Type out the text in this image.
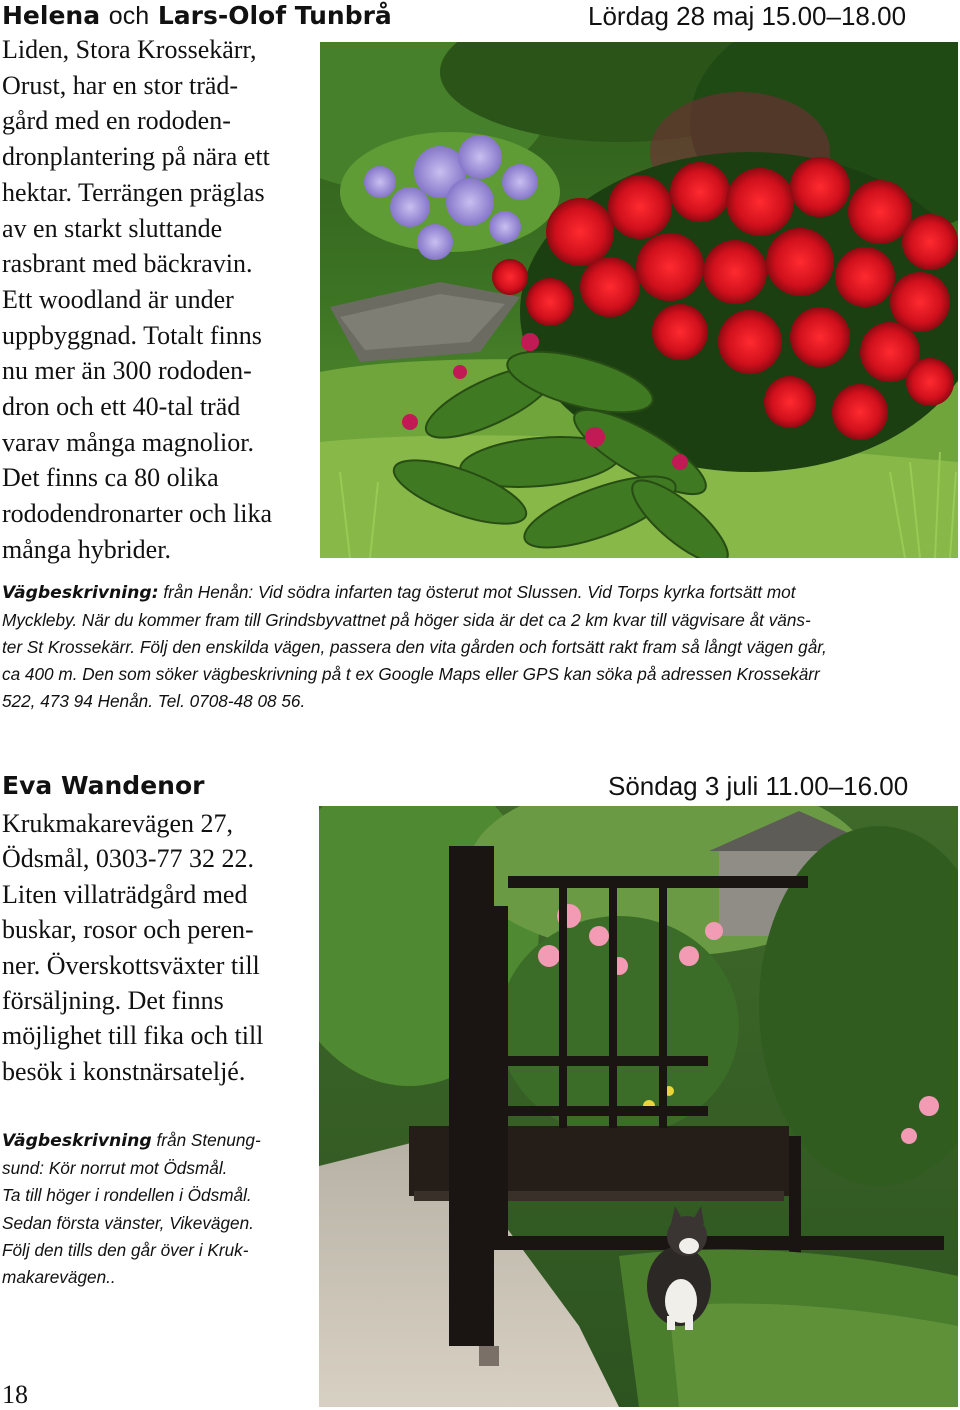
Helena och Lars-Olof Tunbrå	Lördag 28 maj 15.00–18.00
Liden, Stora Krossekärr,
Orust, har en stor träd-
gård med en rododen-
dronplantering på nära ett
hektar. Terrängen präglas
av en starkt sluttande
rasbrant med bäckravin.
Ett woodland är under
uppbyggnad. Totalt finns
nu mer än 300 rododen-
dron och ett 40-tal träd
varav många magnolior.
Det finns ca 80 olika
rododendronarter och lika
många hybrider.
Vägbeskrivning: från Henån: Vid södra infarten tag österut mot Slussen. Vid Torps kyrka fortsätt mot
Myckleby. När du kommer fram till Grindsbyvattnet på höger sida är det ca 2 km kvar till vägvisare åt väns-
ter St Krossekärr. Följ den enskilda vägen, passera den vita gården och fortsätt rakt fram så långt vägen går,
ca 400 m. Den som söker vägbeskrivning på t ex Google Maps eller GPS kan söka på adressen Krossekärr
522, 473 94 Henån. Tel. 0708-48 08 56.
Eva Wandenor	Söndag 3 juli 11.00–16.00
Krukmakarevägen 27,
Ödsmål, 0303-77 32 22.
Liten villaträdgård med
buskar, rosor och peren-
ner. Överskottsväxter till
försäljning. Det finns
möjlighet till fika och till
besök i konstnärsateljé.
Vägbeskrivning från Stenung-
sund: Kör norrut mot Ödsmål.
Ta till höger i rondellen i Ödsmål.
Sedan första vänster, Vikevägen.
Följ den tills den går över i Kruk-
makarevägen..
18
